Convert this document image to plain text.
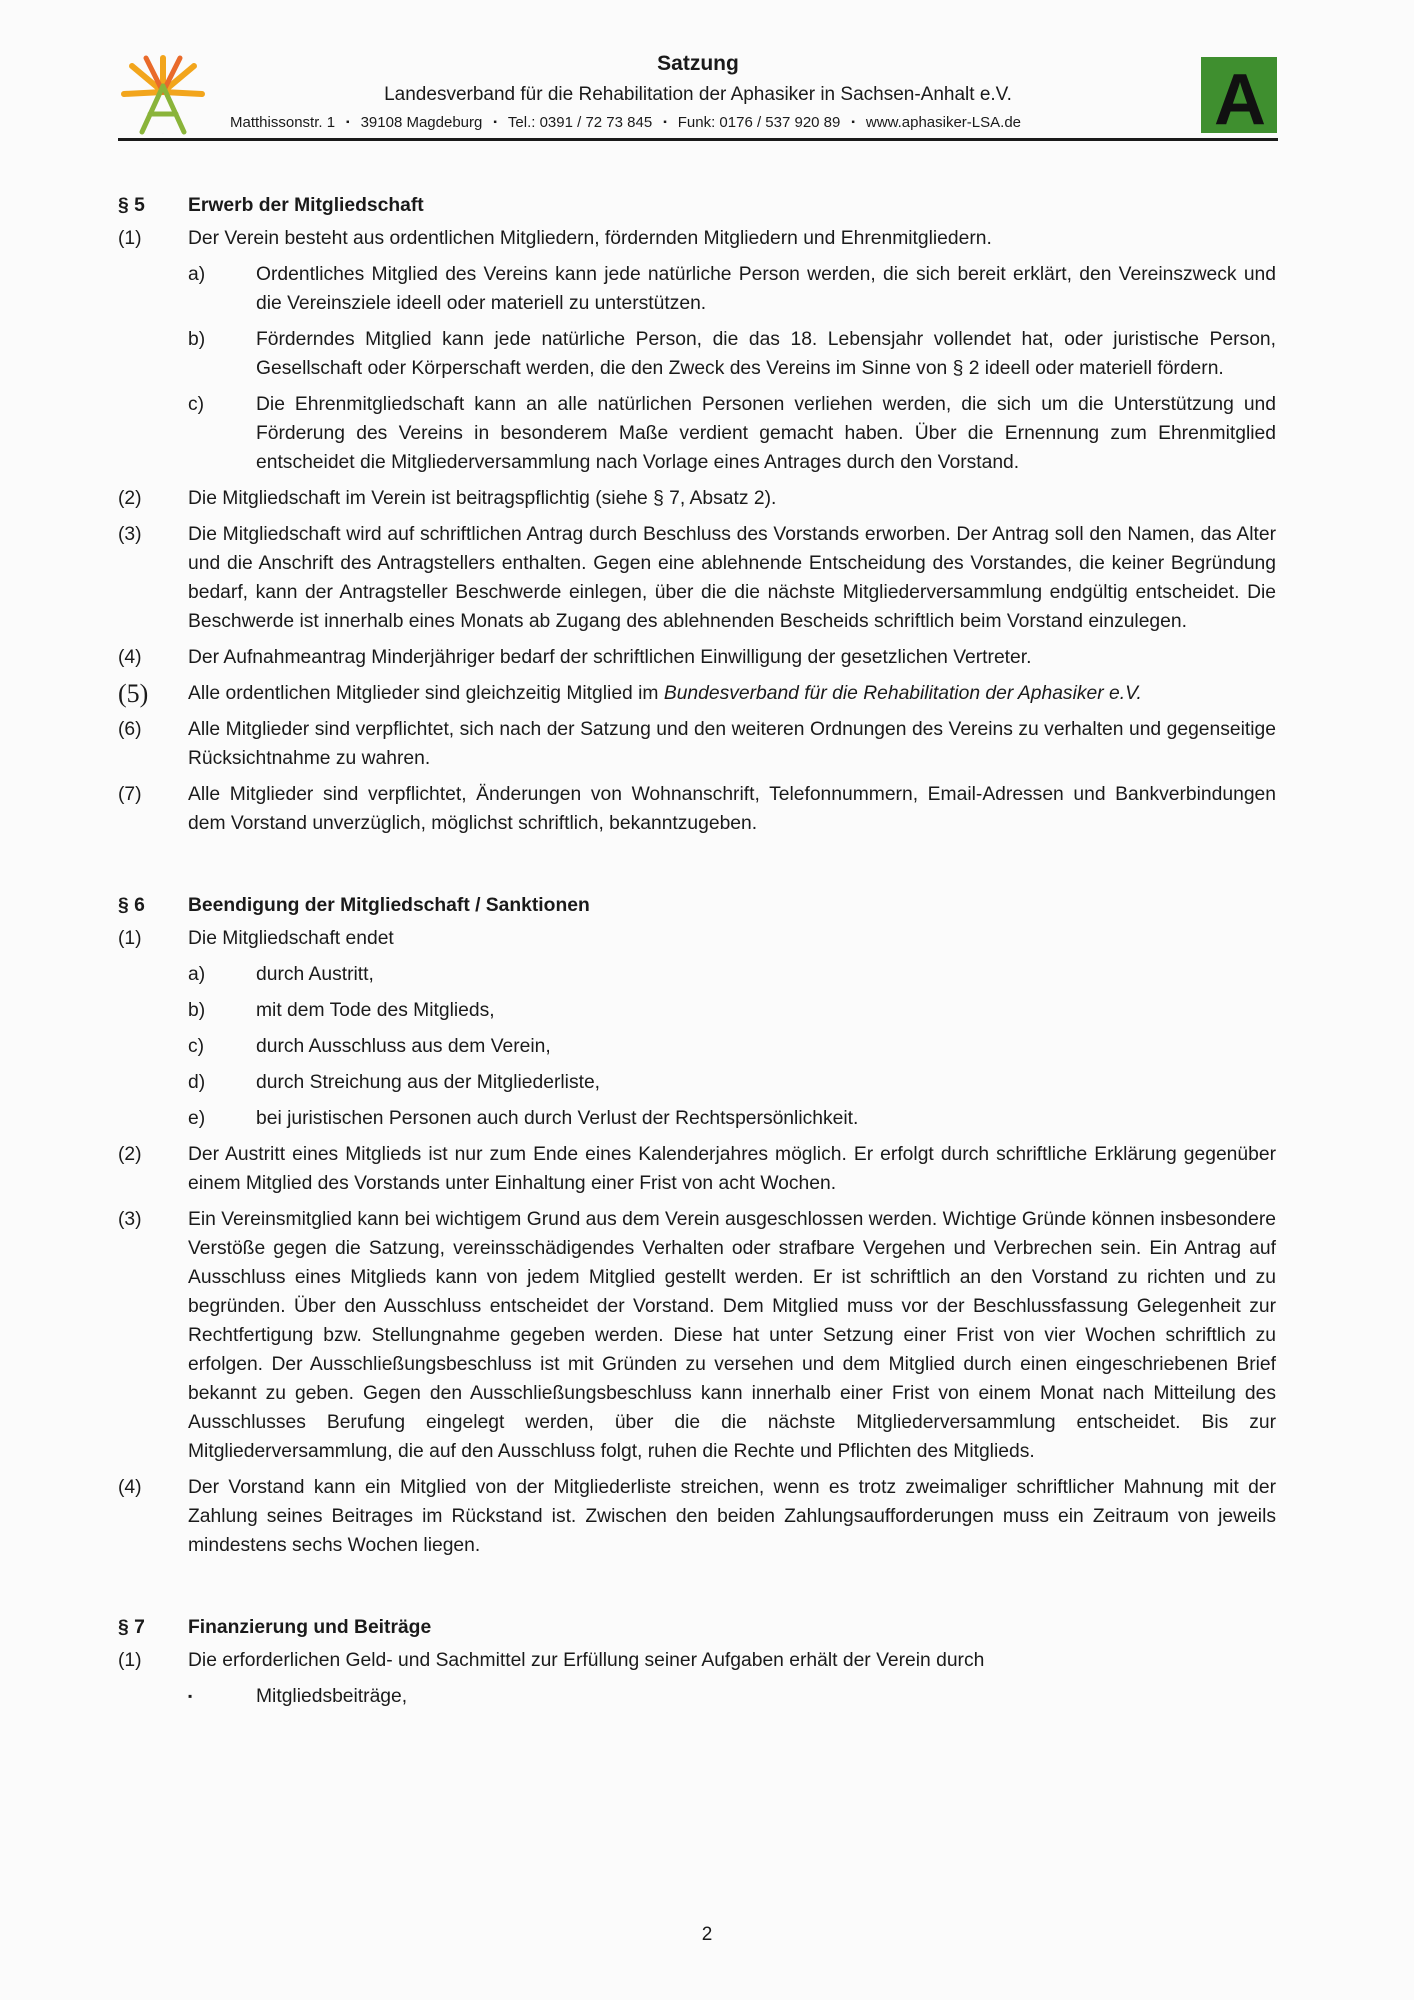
A
Satzung
Landesverband für die Rehabilitation der Aphasiker in Sachsen-Anhalt e.V.
Matthissonstr. 1 ▪ 39108 Magdeburg ▪ Tel.: 0391 / 72 73 845 ▪ Funk: 0176 / 537 920 89 ▪ www.aphasiker-LSA.de	A
§ 5	Erwerb der Mitgliedschaft
(1)	Der Verein besteht aus ordentlichen Mitgliedern, fördernden Mitgliedern und Ehrenmitgliedern.
a)	Ordentliches Mitglied des Vereins kann jede natürliche Person werden, die sich bereit erklärt, den Vereinszweck und die Vereinsziele ideell oder materiell zu unterstützen.
b)	Förderndes Mitglied kann jede natürliche Person, die das 18. Lebensjahr vollendet hat, oder juristische Person, Gesellschaft oder Körperschaft werden, die den Zweck des Vereins im Sinne von § 2 ideell oder materiell fördern.
c)	Die Ehrenmitgliedschaft kann an alle natürlichen Personen verliehen werden, die sich um die Unterstützung und Förderung des Vereins in besonderem Maße verdient gemacht haben. Über die Ernennung zum Ehrenmitglied entscheidet die Mitgliederversammlung nach Vorlage eines Antrages durch den Vorstand.
(2)	Die Mitgliedschaft im Verein ist beitragspflichtig (siehe § 7, Absatz 2).
(3)	Die Mitgliedschaft wird auf schriftlichen Antrag durch Beschluss des Vorstands erworben. Der Antrag soll den Namen, das Alter und die Anschrift des Antragstellers enthalten. Gegen eine ablehnende Entscheidung des Vorstandes, die keiner Begründung bedarf, kann der Antragsteller Beschwerde einlegen, über die die nächste Mitgliederversammlung endgültig entscheidet. Die Beschwerde ist innerhalb eines Monats ab Zugang des ablehnenden Bescheids schriftlich beim Vorstand einzulegen.
(4)	Der Aufnahmeantrag Minderjähriger bedarf der schriftlichen Einwilligung der gesetzlichen Vertreter.
(5)	Alle ordentlichen Mitglieder sind gleichzeitig Mitglied im Bundesverband für die Rehabilitation der Aphasiker e.V.
(6)	Alle Mitglieder sind verpflichtet, sich nach der Satzung und den weiteren Ordnungen des Vereins zu verhalten und gegenseitige Rücksichtnahme zu wahren.
(7)	Alle Mitglieder sind verpflichtet, Änderungen von Wohnanschrift, Telefonnummern, Email-Adressen und Bankverbindungen dem Vorstand unverzüglich, möglichst schriftlich, bekanntzugeben.
§ 6	Beendigung der Mitgliedschaft / Sanktionen
(1)	Die Mitgliedschaft endet
a)	durch Austritt,
b)	mit dem Tode des Mitglieds,
c)	durch Ausschluss aus dem Verein,
d)	durch Streichung aus der Mitgliederliste,
e)	bei juristischen Personen auch durch Verlust der Rechtspersönlichkeit.
(2)	Der Austritt eines Mitglieds ist nur zum Ende eines Kalenderjahres möglich. Er erfolgt durch schriftliche Erklärung gegenüber einem Mitglied des Vorstands unter Einhaltung einer Frist von acht Wochen.
(3)	Ein Vereinsmitglied kann bei wichtigem Grund aus dem Verein ausgeschlossen werden. Wichtige Gründe können insbesondere Verstöße gegen die Satzung, vereinsschädigendes Verhalten oder strafbare Vergehen und Verbrechen sein. Ein Antrag auf Ausschluss eines Mitglieds kann von jedem Mitglied gestellt werden. Er ist schriftlich an den Vorstand zu richten und zu begründen. Über den Ausschluss entscheidet der Vorstand. Dem Mitglied muss vor der Beschlussfassung Gelegenheit zur Rechtfertigung bzw. Stellungnahme gegeben werden. Diese hat unter Setzung einer Frist von vier Wochen schriftlich zu erfolgen. Der Ausschließungsbeschluss ist mit Gründen zu versehen und dem Mitglied durch einen eingeschriebenen Brief bekannt zu geben. Gegen den Ausschließungsbeschluss kann innerhalb einer Frist von einem Monat nach Mitteilung des Ausschlusses Berufung eingelegt werden, über die die nächste Mitgliederversammlung entscheidet. Bis zur Mitgliederversammlung, die auf den Ausschluss folgt, ruhen die Rechte und Pflichten des Mitglieds.
(4)	Der Vorstand kann ein Mitglied von der Mitgliederliste streichen, wenn es trotz zweimaliger schriftlicher Mahnung mit der Zahlung seines Beitrages im Rückstand ist. Zwischen den beiden Zahlungsaufforderungen muss ein Zeitraum von jeweils mindestens sechs Wochen liegen.
§ 7	Finanzierung und Beiträge
(1)	Die erforderlichen Geld- und Sachmittel zur Erfüllung seiner Aufgaben erhält der Verein durch
▪	Mitgliedsbeiträge,
2
